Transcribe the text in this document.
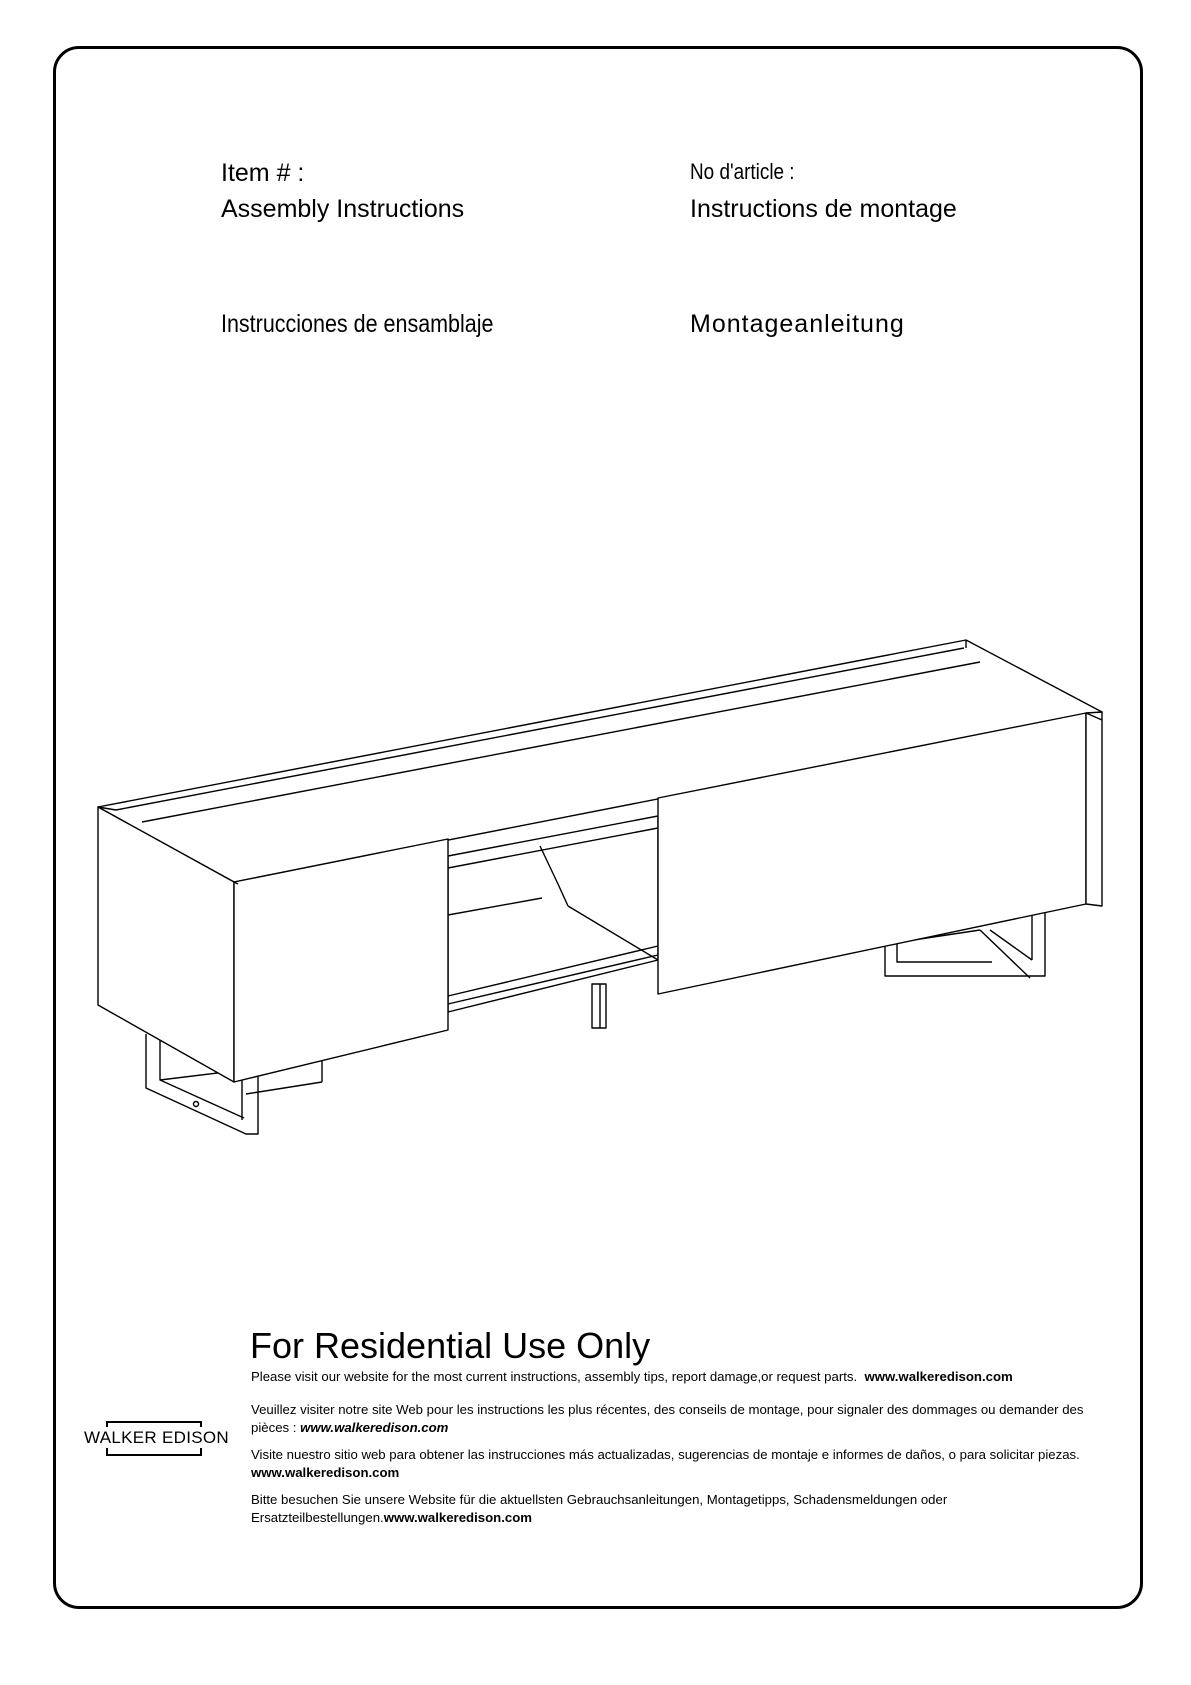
Item # :	No d'article :
Assembly Instructions	Instructions de montage
Instrucciones de ensamblaje	Montageanleitung
For Residential Use Only
Please visit our website for the most current instructions, assembly tips, report damage,or request parts. www.walkeredison.com
Veuillez visiter notre site Web pour les instructions les plus récentes, des conseils de montage, pour signaler des dommages ou demander des pièces : www.walkeredison.com
Visite nuestro sitio web para obtener las instrucciones más actualizadas, sugerencias de montaje e informes de daños, o para solicitar piezas. www.walkeredison.com
Bitte besuchen Sie unsere Website für die aktuellsten Gebrauchsanleitungen, Montagetipps, Schadensmeldungen oder Ersatzteilbestellungen.www.walkeredison.com
WALKER EDISON
